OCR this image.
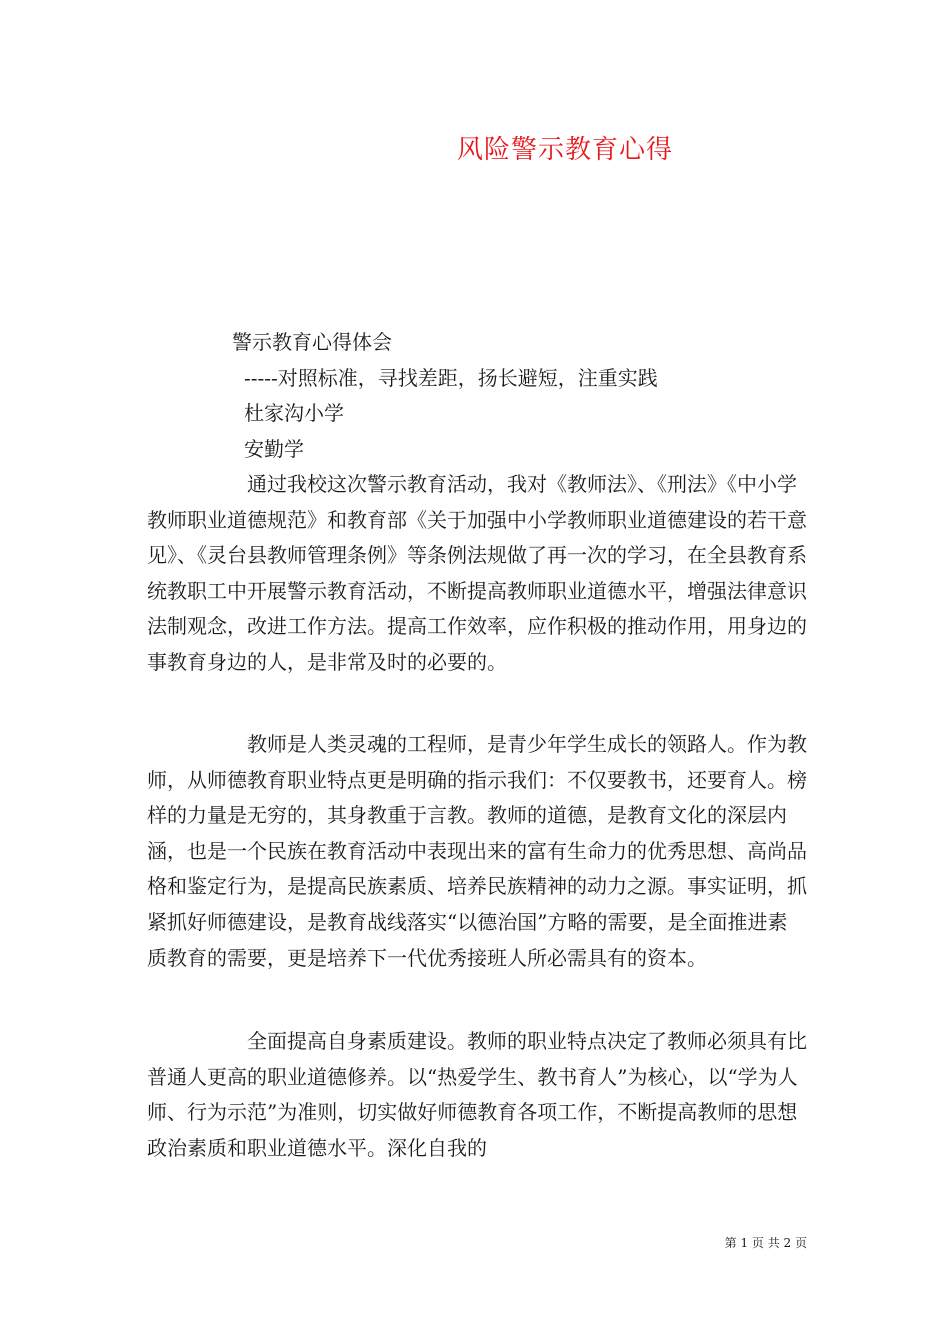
风险警示教育心得
警示教育心得体会
-----对照标准，寻找差距，扬长避短，注重实践
杜家沟小学
安勤学

通过我校这次警示教育活动，我对《教师法》、《刑法》《中小学教师职业道德规范》和教育部《关于加强中小学教师职业道德建设的若干意见》、《灵台县教师管理条例》等条例法规做了再一次的学习，在全县教育系统教职工中开展警示教育活动，不断提高教师职业道德水平，增强法律意识法制观念，改进工作方法。提高工作效率，应作积极的推动作用，用身边的事教育身边的人，是非常及时的必要的。

教师是人类灵魂的工程师，是青少年学生成长的领路人。作为教师，从师德教育职业特点更是明确的指示我们：不仅要教书，还要育人。榜样的力量是无穷的，其身教重于言教。教师的道德，是教育文化的深层内涵，也是一个民族在教育活动中表现出来的富有生命力的优秀思想、高尚品格和鉴定行为，是提高民族素质、培养民族精神的动力之源。事实证明，抓紧抓好师德建设，是教育战线落实“以德治国”方略的需要，是全面推进素质教育的需要，更是培养下一代优秀接班人所必需具有的资本。

全面提高自身素质建设。教师的职业特点决定了教师必须具有比普通人更高的职业道德修养。以“热爱学生、教书育人”为核心，以“学为人师、行为示范”为准则，切实做好师德教育各项工作，不断提高教师的思想政治素质和职业道德水平。深化自我的

第 1 页 共 2 页
